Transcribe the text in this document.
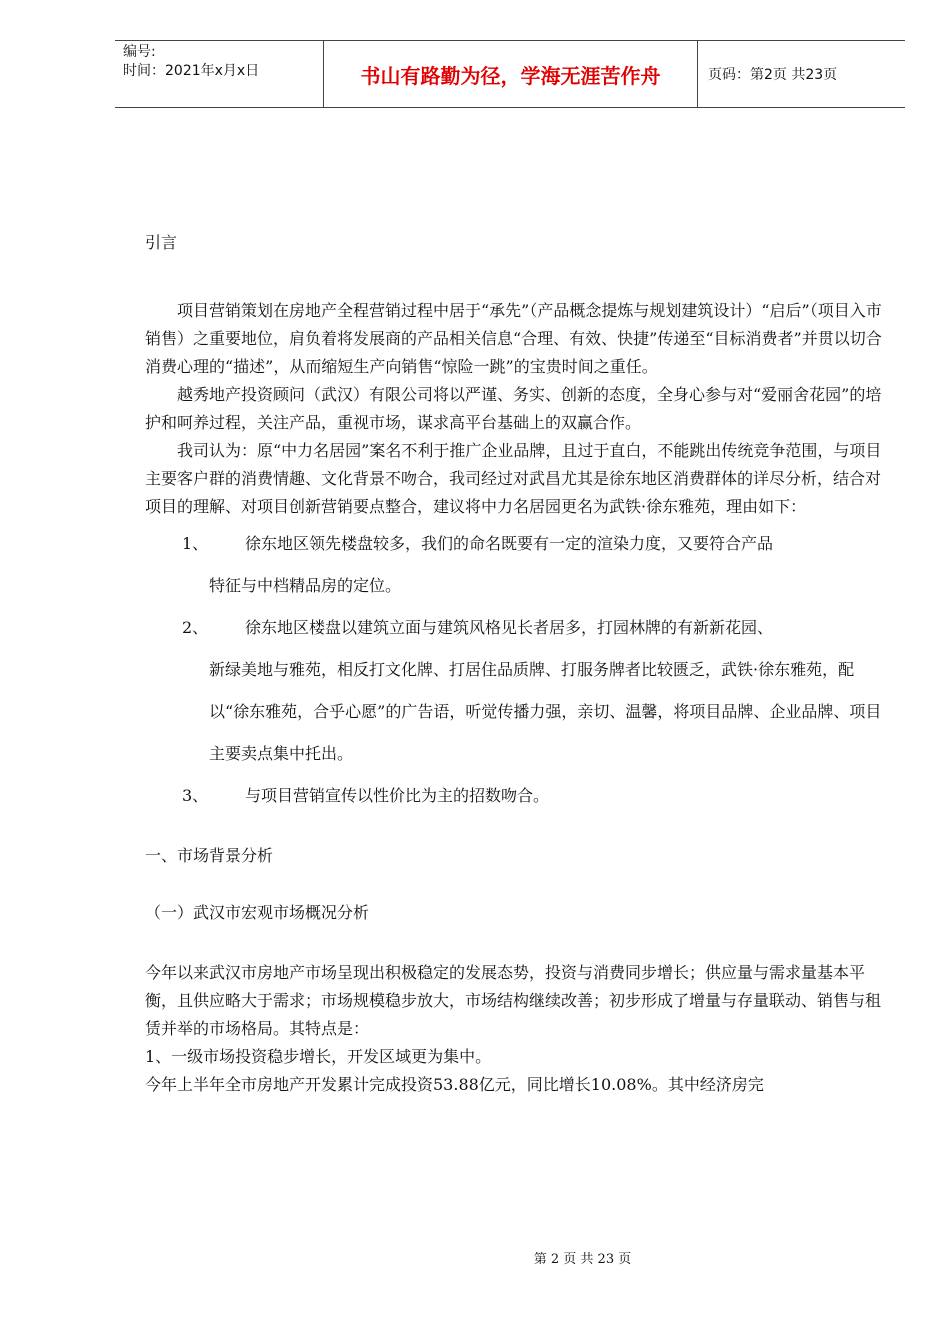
编号:
时间：2021年x月x日	书山有路勤为径，学海无涯苦作舟	页码：第2页 共23页

引言

项目营销策划在房地产全程营销过程中居于“承先”（产品概念提炼与规划建筑设计）“启后”（项目入市销售）之重要地位，肩负着将发展商的产品相关信息“合理、有效、快捷”传递至“目标消费者”并贯以切合消费心理的“描述”，从而缩短生产向销售“惊险一跳”的宝贵时间之重任。

越秀地产投资顾问（武汉）有限公司将以严谨、务实、创新的态度，全身心参与对“爱丽舍花园”的培护和呵养过程，关注产品，重视市场，谋求高平台基础上的双赢合作。

我司认为：原“中力名居园”案名不利于推广企业品牌，且过于直白，不能跳出传统竞争范围，与项目主要客户群的消费情趣、文化背景不吻合，我司经过对武昌尤其是徐东地区消费群体的详尽分析，结合对项目的理解、对项目创新营销要点整合，建议将中力名居园更名为武铁·徐东雅苑，理由如下：

1、	徐东地区领先楼盘较多，我们的命名既要有一定的渲染力度，又要符合产品
特征与中档精品房的定位。
2、	徐东地区楼盘以建筑立面与建筑风格见长者居多，打园林牌的有新新花园、
新绿美地与雅苑，相反打文化牌、打居住品质牌、打服务牌者比较匮乏，武铁·徐东雅苑，配以“徐东雅苑，合乎心愿”的广告语，听觉传播力强，亲切、温馨，将项目品牌、企业品牌、项目主要卖点集中托出。
3、	与项目营销宣传以性价比为主的招数吻合。

一、市场背景分析

（一）武汉市宏观市场概况分析

今年以来武汉市房地产市场呈现出积极稳定的发展态势，投资与消费同步增长；供应量与需求量基本平衡，且供应略大于需求；市场规模稳步放大，市场结构继续改善；初步形成了增量与存量联动、销售与租赁并举的市场格局。其特点是：

1、一级市场投资稳步增长，开发区域更为集中。

今年上半年全市房地产开发累计完成投资53.88亿元，同比增长10.08%。其中经济房完

第 2 页 共 23 页
